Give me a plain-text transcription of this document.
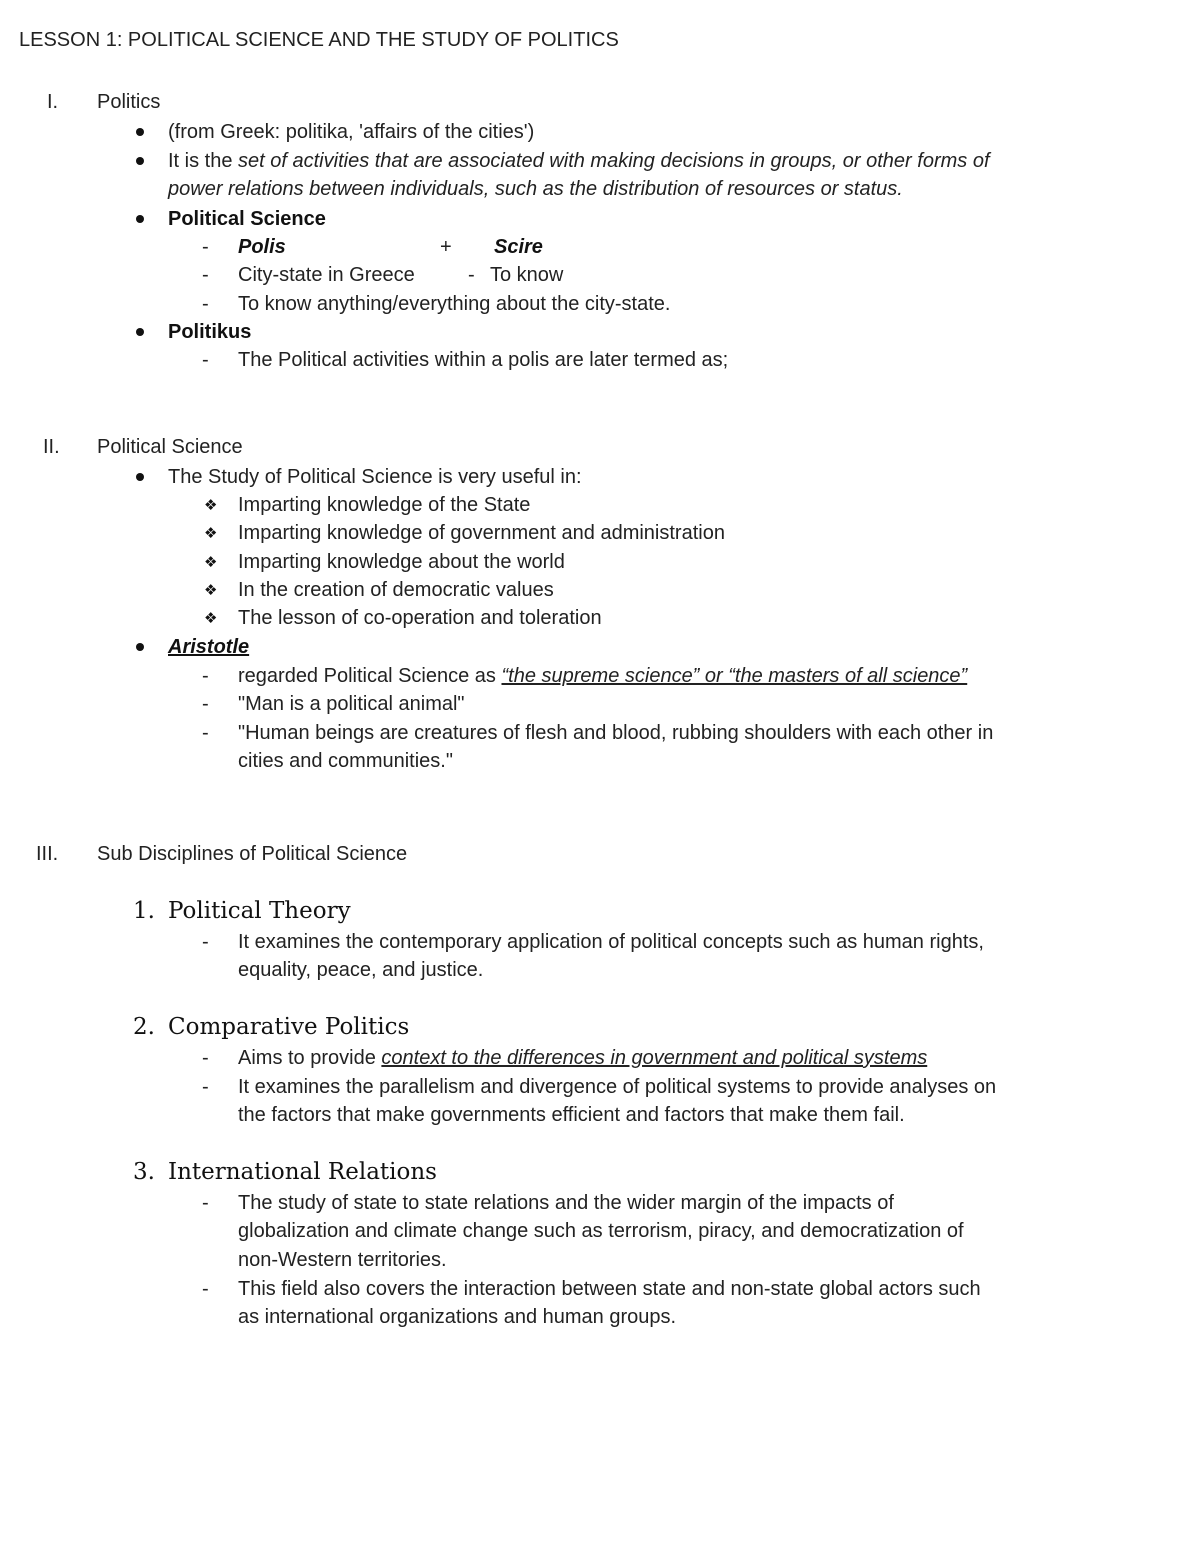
LESSON 1: POLITICAL SCIENCE AND THE STUDY OF POLITICS
I. Politics
(from Greek: politika, 'affairs of the cities')
It is the set of activities that are associated with making decisions in groups, or other forms of
power relations between individuals, such as the distribution of resources or status.
Political Science
- Polis	+ Scire
- City-state in Greece	- To know
- To know anything/everything about the city-state.
Politikus
- The Political activities within a polis are later termed as;
II. Political Science
The Study of Political Science is very useful in:
❖ Imparting knowledge of the State
❖ Imparting knowledge of government and administration
❖ Imparting knowledge about the world
❖ In the creation of democratic values
❖ The lesson of co-operation and toleration
Aristotle
- regarded Political Science as “the supreme science” or “the masters of all science”
- "Man is a political animal"
- "Human beings are creatures of flesh and blood, rubbing shoulders with each other in
cities and communities."
III. Sub Disciplines of Political Science
1. Political Theory
- It examines the contemporary application of political concepts such as human rights,
equality, peace, and justice.
2. Comparative Politics
- Aims to provide context to the differences in government and political systems
- It examines the parallelism and divergence of political systems to provide analyses on
the factors that make governments efficient and factors that make them fail.
3. International Relations
- The study of state to state relations and the wider margin of the impacts of
globalization and climate change such as terrorism, piracy, and democratization of
non-Western territories.
- This field also covers the interaction between state and non-state global actors such
as international organizations and human groups.
